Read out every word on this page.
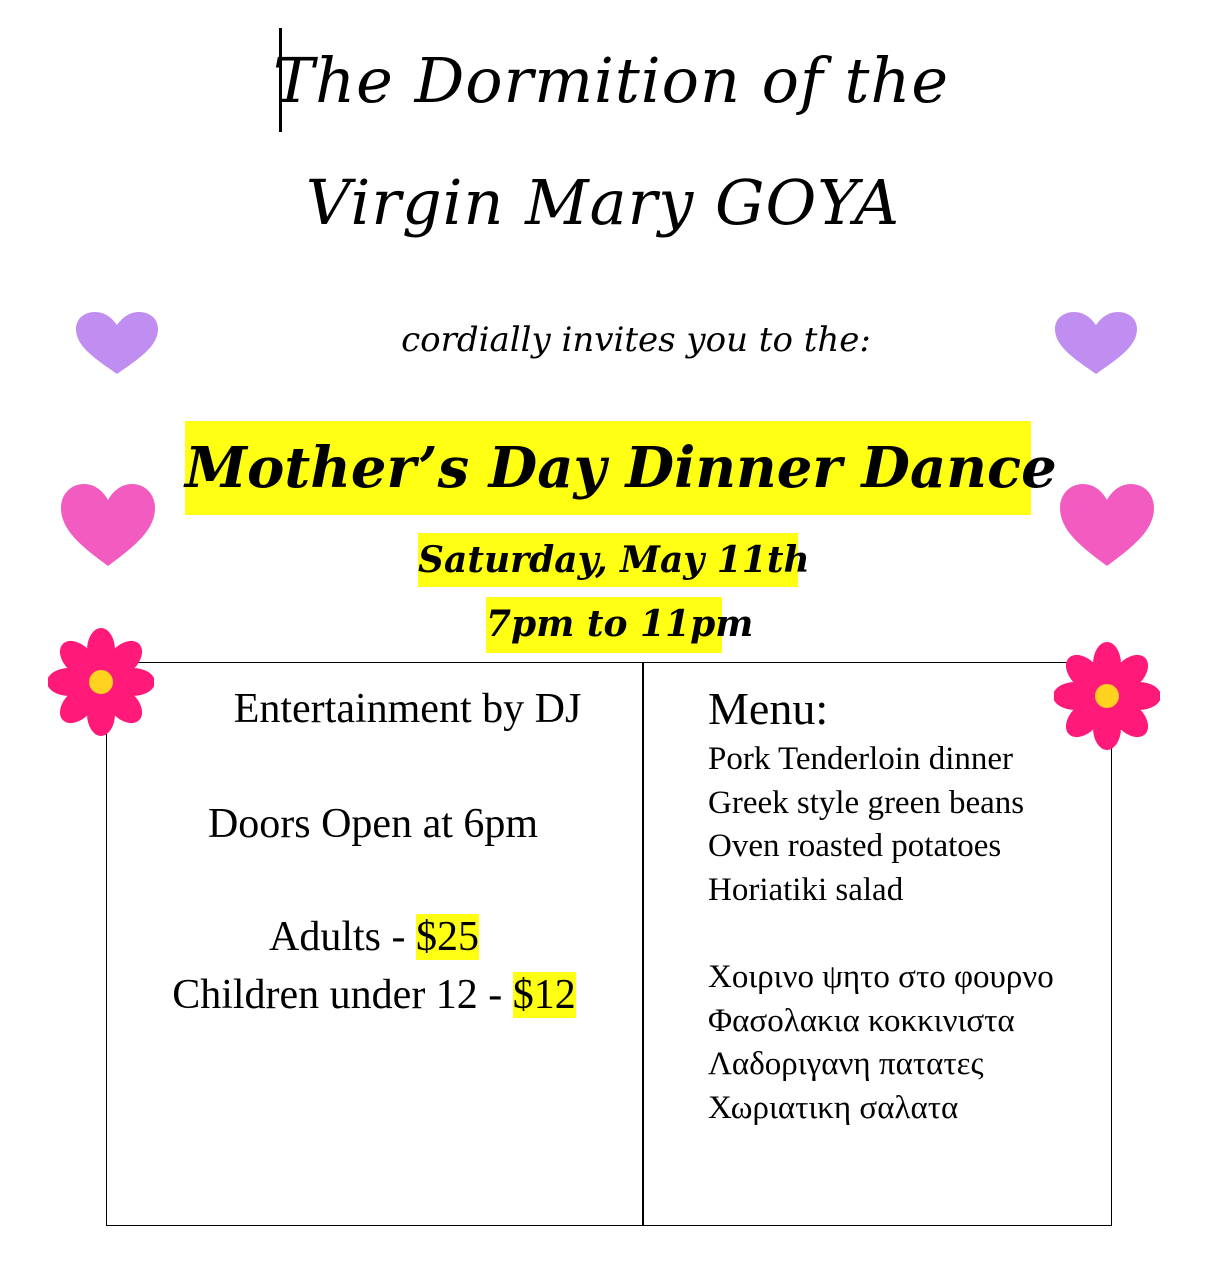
The Dormition of the
Virgin Mary GOYA
cordially invites you to the:
Mother’s Day Dinner Dance
Saturday, May 11th
7pm to 11pm
Entertainment by DJ
Doors Open at 6pm
Adults - $25
Children under 12 - $12
Menu:
Pork Tenderloin dinner
Greek style green beans
Oven roasted potatoes
Horiatiki salad
Χοιρινο ψητο στο φουρνο
Φασολακια κοκκινιστα
Λαδοριγανη πατατες
Χωριατικη σαλατα
